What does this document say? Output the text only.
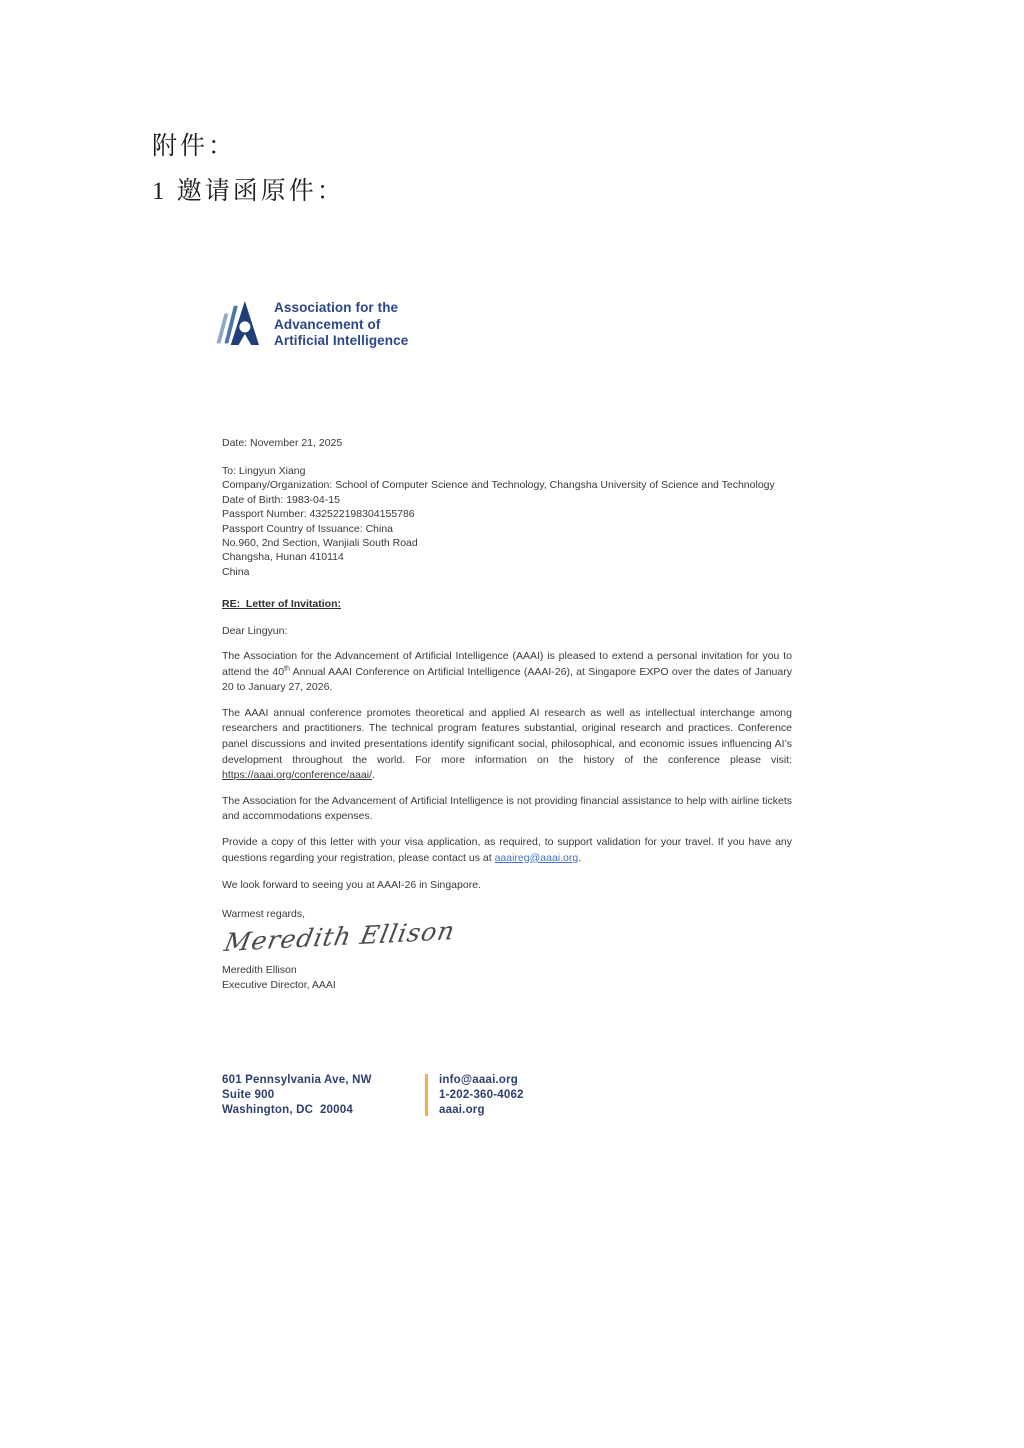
附件：
1 邀请函原件：
Association for the
Advancement of
Artificial Intelligence
Date: November 21, 2025
To: Lingyun Xiang
Company/Organization: School of Computer Science and Technology, Changsha University of Science and Technology
Date of Birth: 1983-04-15
Passport Number: 432522198304155786
Passport Country of Issuance: China
No.960, 2nd Section, Wanjiali South Road
Changsha, Hunan 410114
China
RE:  Letter of Invitation:
Dear Lingyun:

The Association for the Advancement of Artificial Intelligence (AAAI) is pleased to extend a personal invitation for you to attend the 40th Annual AAAI Conference on Artificial Intelligence (AAAI-26), at Singapore EXPO over the dates of January 20 to January 27, 2026.

The AAAI annual conference promotes theoretical and applied AI research as well as intellectual interchange among researchers and practitioners. The technical program features substantial, original research and practices. Conference panel discussions and invited presentations identify significant social, philosophical, and economic issues influencing AI’s development throughout the world. For more information on the history of the conference please visit: https://aaai.org/conference/aaai/.

The Association for the Advancement of Artificial Intelligence is not providing financial assistance to help with airline tickets and accommodations expenses.

Provide a copy of this letter with your visa application, as required, to support validation for your travel. If you have any questions regarding your registration, please contact us at aaaireg@aaai.org.

We look forward to seeing you at AAAI-26 in Singapore.
Warmest regards,
Meredith Ellison
Meredith Ellison
Executive Director, AAAI
601 Pennsylvania Ave, NW
Suite 900
Washington, DC  20004
info@aaai.org
1-202-360-4062
aaai.org
